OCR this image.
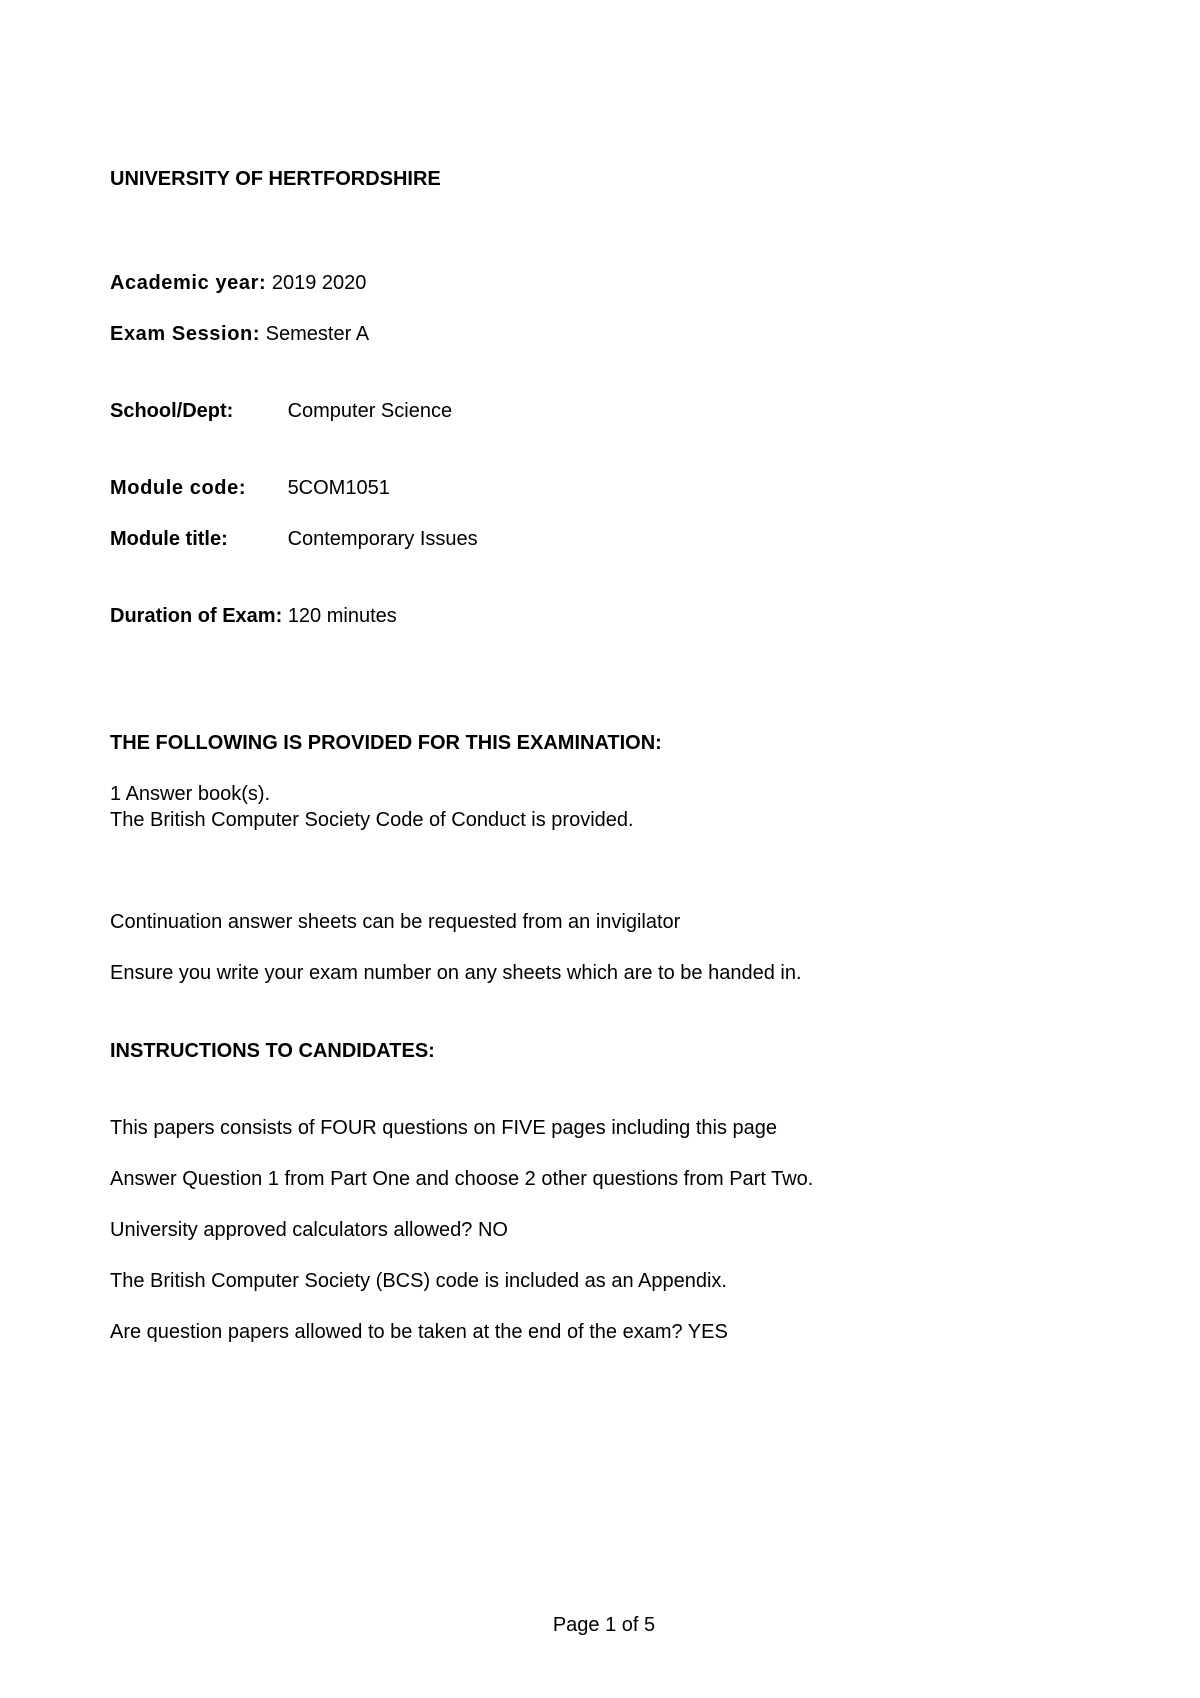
UNIVERSITY OF HERTFORDSHIRE
Academic year: 2019 2020
Exam Session: Semester A
School/Dept:	Computer Science
Module code: 5COM1051
Module title:	Contemporary Issues
Duration of Exam: 120 minutes
THE FOLLOWING IS PROVIDED FOR THIS EXAMINATION:
1 Answer book(s).
The British Computer Society Code of Conduct is provided.
Continuation answer sheets can be requested from an invigilator
Ensure you write your exam number on any sheets which are to be handed in.
INSTRUCTIONS TO CANDIDATES:
This papers consists of FOUR questions on FIVE pages including this page
Answer Question 1 from Part One and choose 2 other questions from Part Two.
University approved calculators allowed? NO
The British Computer Society (BCS) code is included as an Appendix.
Are question papers allowed to be taken at the end of the exam? YES
Page 1 of 5
